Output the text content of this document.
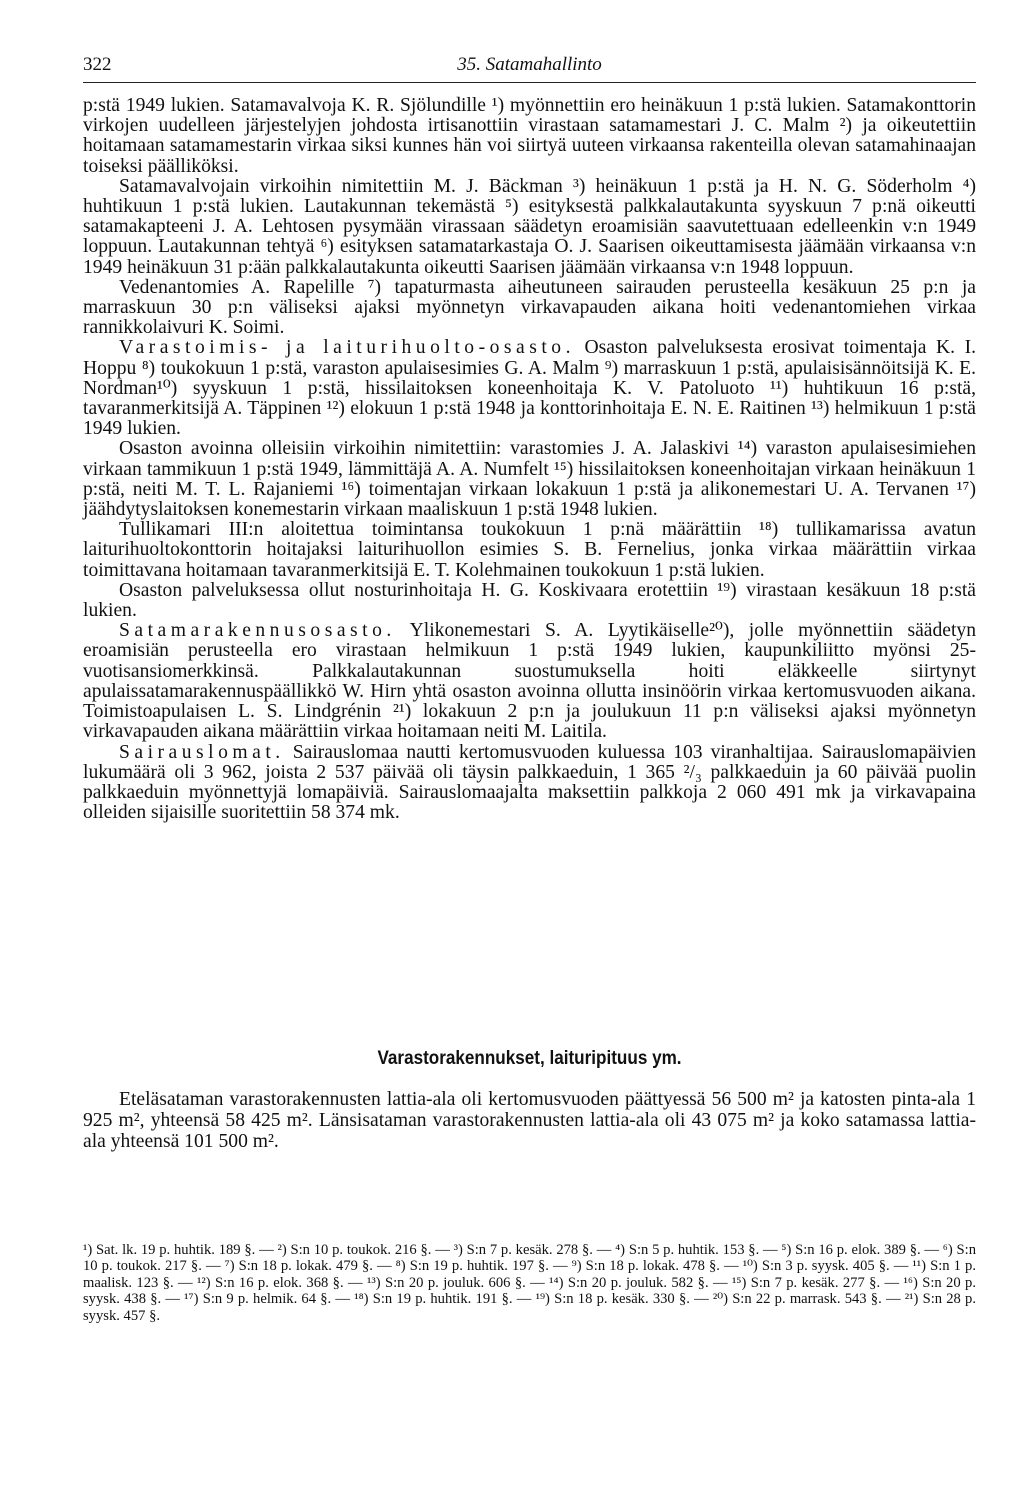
322	35. Satamahallinto

p:stä 1949 lukien. Satamavalvoja K. R. Sjölundille ¹) myönnettiin ero heinäkuun 1 p:stä lukien. Satamakonttorin virkojen uudelleen järjestelyjen johdosta irtisanottiin virastaan satamamestari J. C. Malm ²) ja oikeutettiin hoitamaan satamamestarin virkaa siksi kunnes hän voi siirtyä uuteen virkaansa rakenteilla olevan satamahinaajan toiseksi päälliköksi.

Satamavalvojain virkoihin nimitettiin M. J. Bäckman ³) heinäkuun 1 p:stä ja H. N. G. Söderholm ⁴) huhtikuun 1 p:stä lukien. Lautakunnan tekemästä ⁵) esityksestä palkkalautakunta syyskuun 7 p:nä oikeutti satamakapteeni J. A. Lehtosen pysymään virassaan säädetyn eroamisiän saavutettuaan edelleenkin v:n 1949 loppuun. Lautakunnan tehtyä ⁶) esityksen satamatarkastaja O. J. Saarisen oikeuttamisesta jäämään virkaansa v:n 1949 heinäkuun 31 p:ään palkkalautakunta oikeutti Saarisen jäämään virkaansa v:n 1948 loppuun.

Vedenantomies A. Rapelille ⁷) tapaturmasta aiheutuneen sairauden perusteella kesäkuun 25 p:n ja marraskuun 30 p:n väliseksi ajaksi myönnetyn virkavapauden aikana hoiti vedenantomiehen virkaa rannikkolaivuri K. Soimi.

Varastoimis- ja laiturihuolto-osasto. Osaston palveluksesta erosivat toimentaja K. I. Hoppu ⁸) toukokuun 1 p:stä, varaston apulaisesimies G. A. Malm ⁹) marraskuun 1 p:stä, apulaisisännöitsijä K. E. Nordman¹⁰) syyskuun 1 p:stä, hissilaitoksen koneenhoitaja K. V. Patoluoto ¹¹) huhtikuun 16 p:stä, tavaranmerkitsijä A. Täppinen ¹²) elokuun 1 p:stä 1948 ja konttorinhoitaja E. N. E. Raitinen ¹³) helmikuun 1 p:stä 1949 lukien.

Osaston avoinna olleisiin virkoihin nimitettiin: varastomies J. A. Jalaskivi ¹⁴) varaston apulaisesimiehen virkaan tammikuun 1 p:stä 1949, lämmittäjä A. A. Numfelt ¹⁵) hissilaitoksen koneenhoitajan virkaan heinäkuun 1 p:stä, neiti M. T. L. Rajaniemi ¹⁶) toimentajan virkaan lokakuun 1 p:stä ja alikonemestari U. A. Tervanen ¹⁷) jäähdytyslaitoksen konemestarin virkaan maaliskuun 1 p:stä 1948 lukien.

Tullikamari III:n aloitettua toimintansa toukokuun 1 p:nä määrättiin ¹⁸) tullikamarissa avatun laiturihuoltokonttorin hoitajaksi laiturihuollon esimies S. B. Fernelius, jonka virkaa määrättiin virkaa toimittavana hoitamaan tavaranmerkitsijä E. T. Kolehmainen toukokuun 1 p:stä lukien.

Osaston palveluksessa ollut nosturinhoitaja H. G. Koskivaara erotettiin ¹⁹) virastaan kesäkuun 18 p:stä lukien.

Satamarakennusosasto. Ylikonemestari S. A. Lyytikäiselle²⁰), jolle myönnettiin säädetyn eroamisiän perusteella ero virastaan helmikuun 1 p:stä 1949 lukien, kaupunkiliitto myönsi 25-vuotisansiomerkkinsä. Palkkalautakunnan suostumuksella hoiti eläkkeelle siirtynyt apulaissatamarakennuspäällikkö W. Hirn yhtä osaston avoinna ollutta insinöörin virkaa kertomusvuoden aikana. Toimistoapulaisen L. S. Lindgrénin ²¹) lokakuun 2 p:n ja joulukuun 11 p:n väliseksi ajaksi myönnetyn virkavapauden aikana määrättiin virkaa hoitamaan neiti M. Laitila.

Sairauslomat. Sairauslomaa nautti kertomusvuoden kuluessa 103 viranhaltijaa. Sairauslomapäivien lukumäärä oli 3 962, joista 2 537 päivää oli täysin palkkaeduin, 1 365 ²/₃ palkkaeduin ja 60 päivää puolin palkkaeduin myönnettyjä lomapäiviä. Sairauslomaajalta maksettiin palkkoja 2 060 491 mk ja virkavapaina olleiden sijaisille suoritettiin 58 374 mk.

Varastorakennukset, laituripituus ym.

Eteläsataman varastorakennusten lattia-ala oli kertomusvuoden päättyessä 56 500 m² ja katosten pinta-ala 1 925 m², yhteensä 58 425 m². Länsisataman varastorakennusten lattia-ala oli 43 075 m² ja koko satamassa lattia-ala yhteensä 101 500 m².

¹) Sat. lk. 19 p. huhtik. 189 §. — ²) S:n 10 p. toukok. 216 §. — ³) S:n 7 p. kesäk. 278 §. — ⁴) S:n 5 p. huhtik. 153 §. — ⁵) S:n 16 p. elok. 389 §. — ⁶) S:n 10 p. toukok. 217 §. — ⁷) S:n 18 p. lokak. 479 §. — ⁸) S:n 19 p. huhtik. 197 §. — ⁹) S:n 18 p. lokak. 478 §. — ¹⁰) S:n 3 p. syysk. 405 §. — ¹¹) S:n 1 p. maalisk. 123 §. — ¹²) S:n 16 p. elok. 368 §. — ¹³) S:n 20 p. jouluk. 606 §. — ¹⁴) S:n 20 p. jouluk. 582 §. — ¹⁵) S:n 7 p. kesäk. 277 §. — ¹⁶) S:n 20 p. syysk. 438 §. — ¹⁷) S:n 9 p. helmik. 64 §. — ¹⁸) S:n 19 p. huhtik. 191 §. — ¹⁹) S:n 18 p. kesäk. 330 §. — ²⁰) S:n 22 p. marrask. 543 §. — ²¹) S:n 28 p. syysk. 457 §.
